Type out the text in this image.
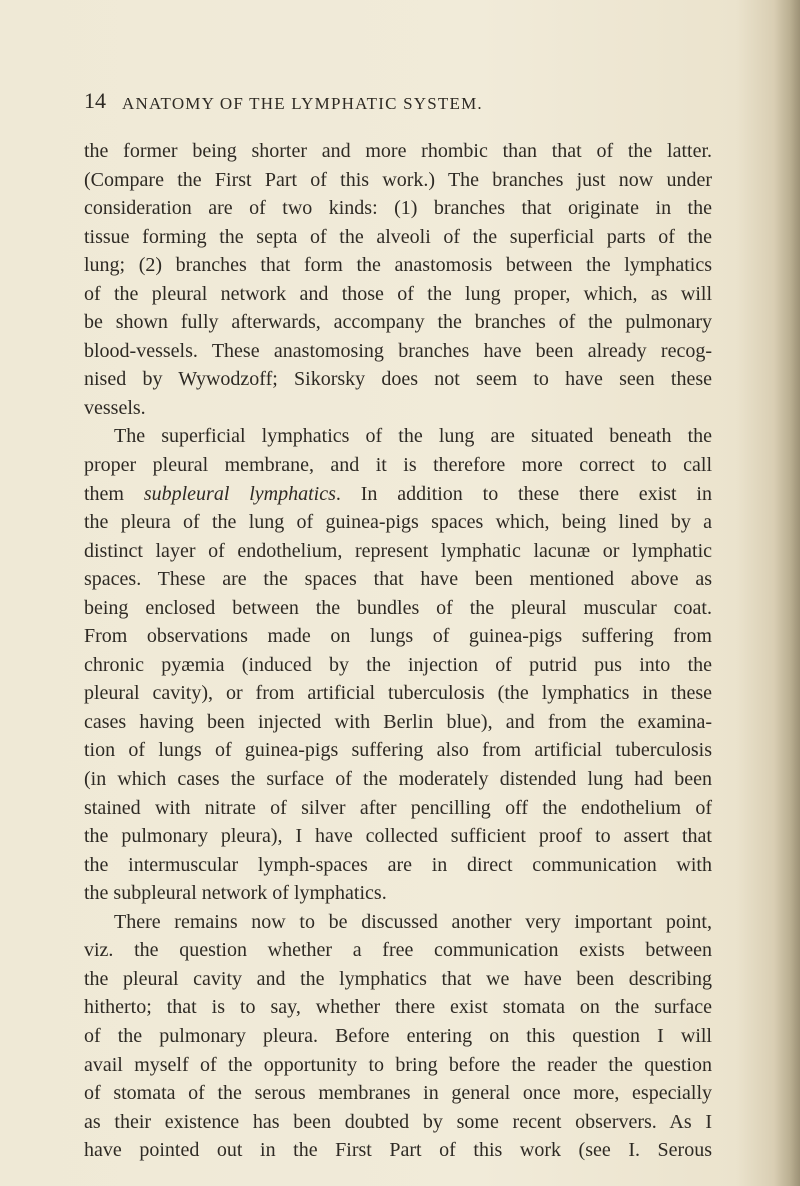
14 ANATOMY OF THE LYMPHATIC SYSTEM.
the former being shorter and more rhombic than that of the latter.
(Compare the First Part of this work.) The branches just now under
consideration are of two kinds: (1) branches that originate in the
tissue forming the septa of the alveoli of the superficial parts of the
lung; (2) branches that form the anastomosis between the lymphatics
of the pleural network and those of the lung proper, which, as will
be shown fully afterwards, accompany the branches of the pulmonary
blood-vessels. These anastomosing branches have been already recog-
nised by Wywodzoff; Sikorsky does not seem to have seen these
vessels.
The superficial lymphatics of the lung are situated beneath the
proper pleural membrane, and it is therefore more correct to call
them subpleural lymphatics. In addition to these there exist in
the pleura of the lung of guinea-pigs spaces which, being lined by a
distinct layer of endothelium, represent lymphatic lacunæ or lymphatic
spaces. These are the spaces that have been mentioned above as
being enclosed between the bundles of the pleural muscular coat.
From observations made on lungs of guinea-pigs suffering from
chronic pyæmia (induced by the injection of putrid pus into the
pleural cavity), or from artificial tuberculosis (the lymphatics in these
cases having been injected with Berlin blue), and from the examina-
tion of lungs of guinea-pigs suffering also from artificial tuberculosis
(in which cases the surface of the moderately distended lung had been
stained with nitrate of silver after pencilling off the endothelium of
the pulmonary pleura), I have collected sufficient proof to assert that
the intermuscular lymph-spaces are in direct communication with
the subpleural network of lymphatics.
There remains now to be discussed another very important point,
viz. the question whether a free communication exists between
the pleural cavity and the lymphatics that we have been describing
hitherto; that is to say, whether there exist stomata on the surface
of the pulmonary pleura. Before entering on this question I will
avail myself of the opportunity to bring before the reader the question
of stomata of the serous membranes in general once more, especially
as their existence has been doubted by some recent observers. As I
have pointed out in the First Part of this work (see I. Serous
